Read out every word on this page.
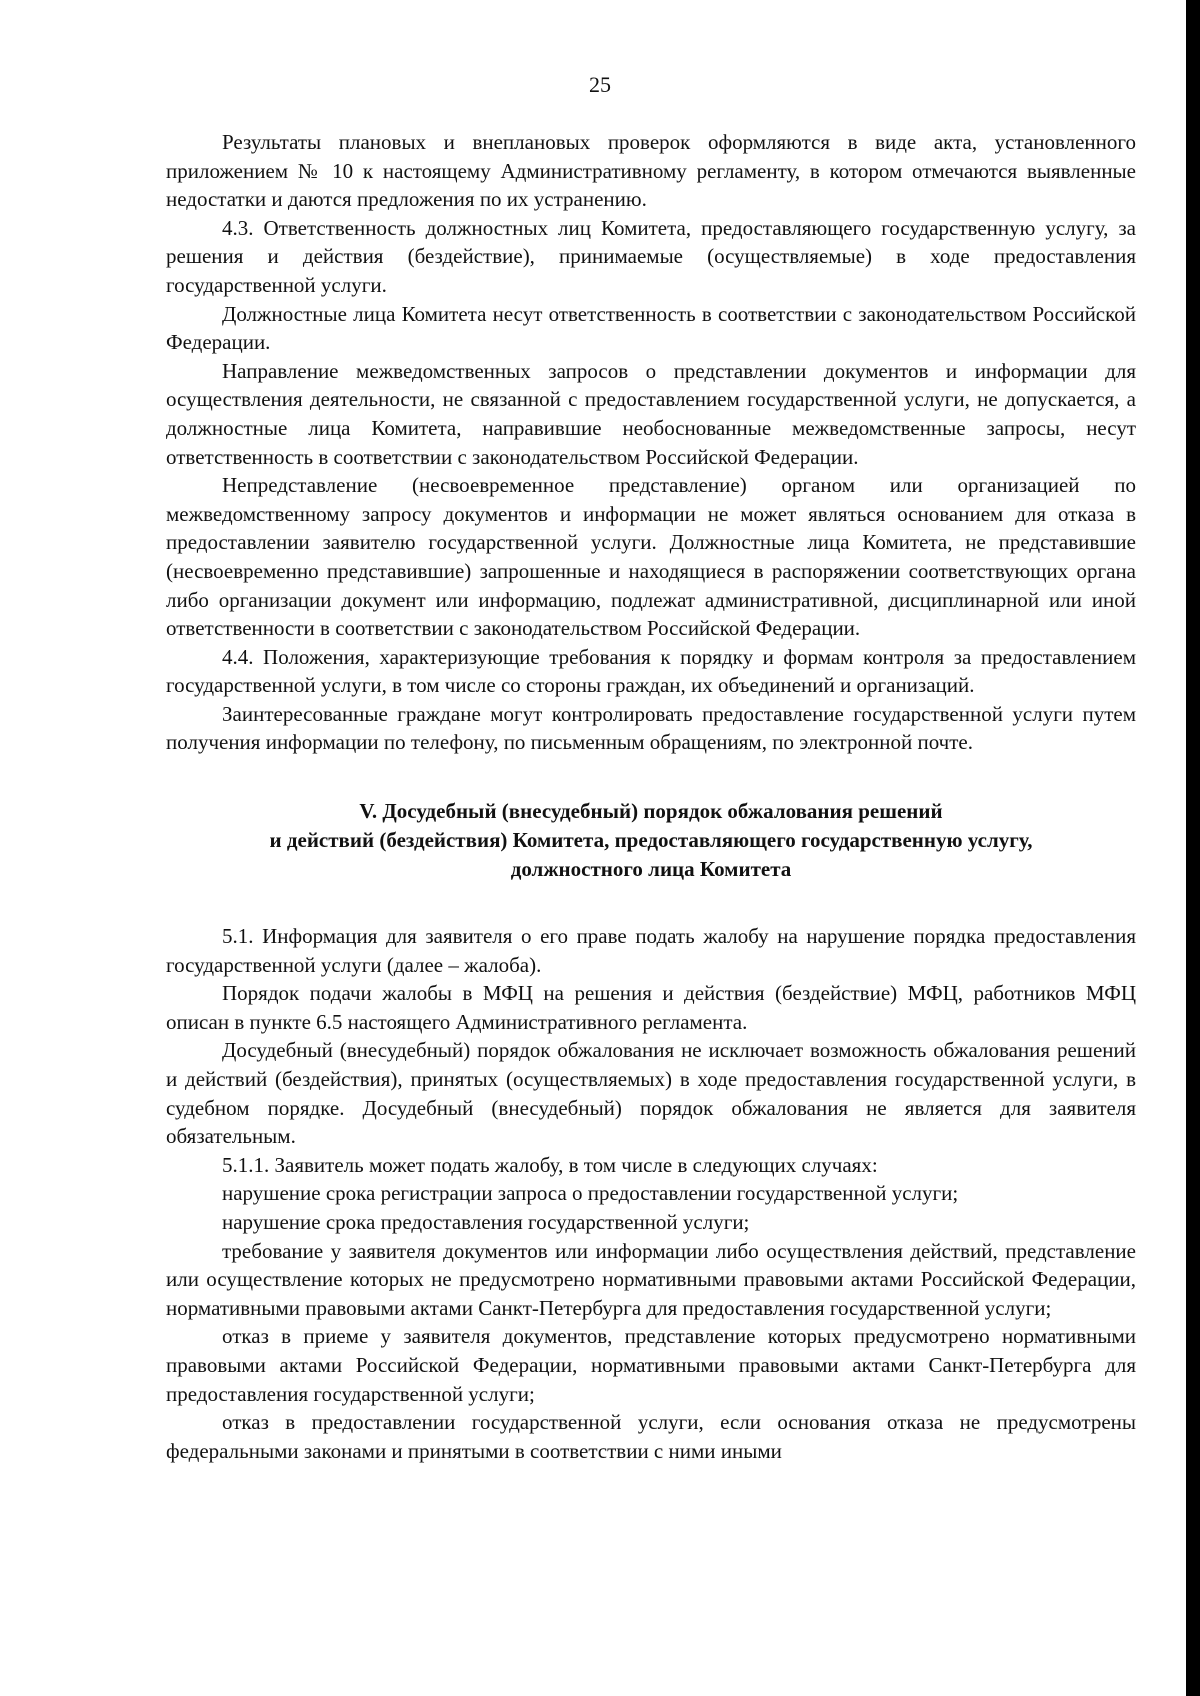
25

Результаты плановых и внеплановых проверок оформляются в виде акта, установленного приложением № 10 к настоящему Административному регламенту, в котором отмечаются выявленные недостатки и даются предложения по их устранению.

4.3. Ответственность должностных лиц Комитета, предоставляющего государственную услугу, за решения и действия (бездействие), принимаемые (осуществляемые) в ходе предоставления государственной услуги.

Должностные лица Комитета несут ответственность в соответствии с законодательством Российской Федерации.

Направление межведомственных запросов о представлении документов и информации для осуществления деятельности, не связанной с предоставлением государственной услуги, не допускается, а должностные лица Комитета, направившие необоснованные межведомственные запросы, несут ответственность в соответствии с законодательством Российской Федерации.

Непредставление (несвоевременное представление) органом или организацией по межведомственному запросу документов и информации не может являться основанием для отказа в предоставлении заявителю государственной услуги. Должностные лица Комитета, не представившие (несвоевременно представившие) запрошенные и находящиеся в распоряжении соответствующих органа либо организации документ или информацию, подлежат административной, дисциплинарной или иной ответственности в соответствии с законодательством Российской Федерации.

4.4. Положения, характеризующие требования к порядку и формам контроля за предоставлением государственной услуги, в том числе со стороны граждан, их объединений и организаций.

Заинтересованные граждане могут контролировать предоставление государственной услуги путем получения информации по телефону, по письменным обращениям, по электронной почте.

V. Досудебный (внесудебный) порядок обжалования решений
и действий (бездействия) Комитета, предоставляющего государственную услугу,
должностного лица Комитета

5.1. Информация для заявителя о его праве подать жалобу на нарушение порядка предоставления государственной услуги (далее – жалоба).

Порядок подачи жалобы в МФЦ на решения и действия (бездействие) МФЦ, работников МФЦ описан в пункте 6.5 настоящего Административного регламента.

Досудебный (внесудебный) порядок обжалования не исключает возможность обжалования решений и действий (бездействия), принятых (осуществляемых) в ходе предоставления государственной услуги, в судебном порядке. Досудебный (внесудебный) порядок обжалования не является для заявителя обязательным.

5.1.1. Заявитель может подать жалобу, в том числе в следующих случаях:

нарушение срока регистрации запроса о предоставлении государственной услуги;

нарушение срока предоставления государственной услуги;

требование у заявителя документов или информации либо осуществления действий, представление или осуществление которых не предусмотрено нормативными правовыми актами Российской Федерации, нормативными правовыми актами Санкт-Петербурга для предоставления государственной услуги;

отказ в приеме у заявителя документов, представление которых предусмотрено нормативными правовыми актами Российской Федерации, нормативными правовыми актами Санкт-Петербурга для предоставления государственной услуги;

отказ в предоставлении государственной услуги, если основания отказа не предусмотрены федеральными законами и принятыми в соответствии с ними иными
